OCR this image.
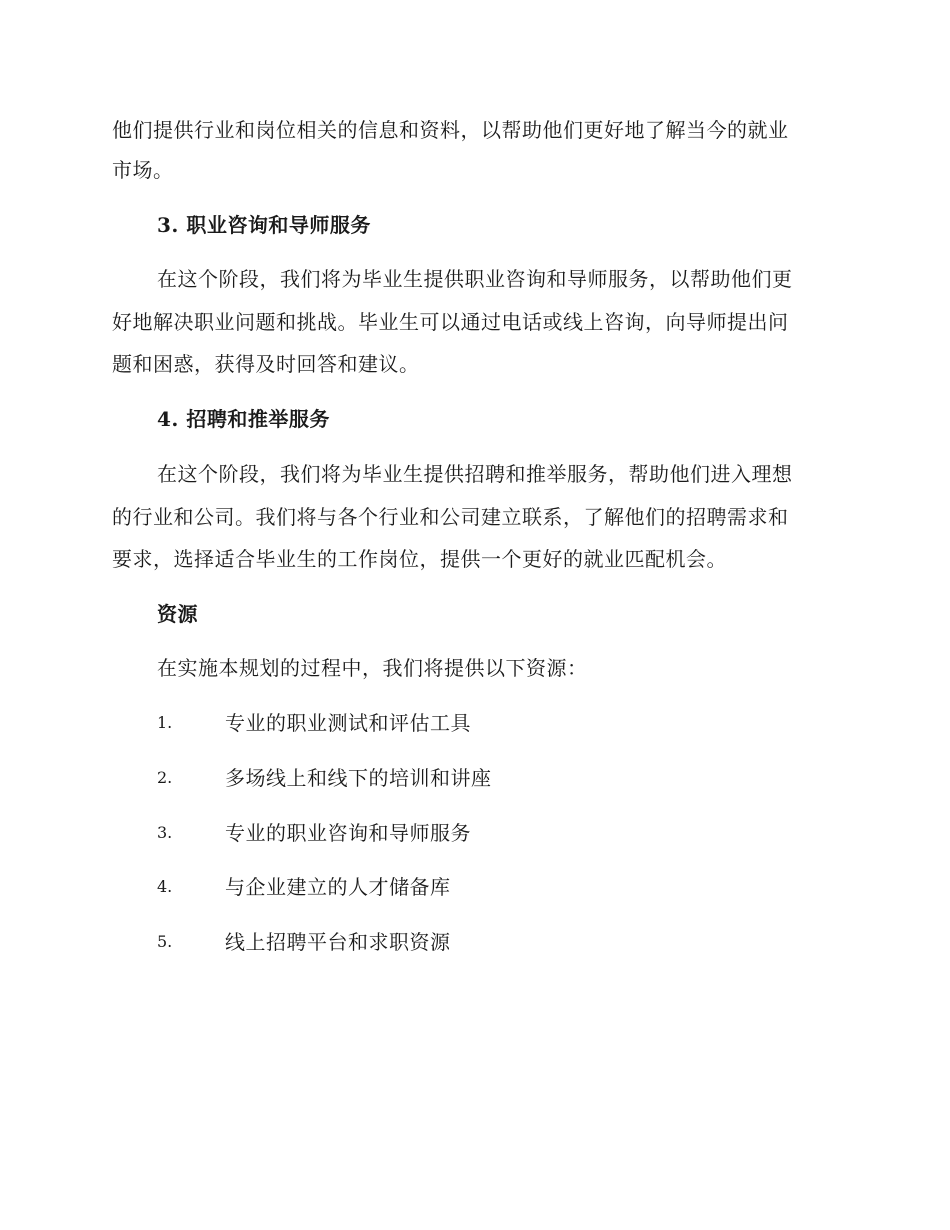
他们提供行业和岗位相关的信息和资料，以帮助他们更好地了解当今的就业
市场。
3. 职业咨询和导师服务
在这个阶段，我们将为毕业生提供职业咨询和导师服务，以帮助他们更
好地解决职业问题和挑战。毕业生可以通过电话或线上咨询，向导师提出问
题和困惑，获得及时回答和建议。
4. 招聘和推举服务
在这个阶段，我们将为毕业生提供招聘和推举服务，帮助他们进入理想
的行业和公司。我们将与各个行业和公司建立联系，了解他们的招聘需求和
要求，选择适合毕业生的工作岗位，提供一个更好的就业匹配机会。
资源
在实施本规划的过程中，我们将提供以下资源：
1.	专业的职业测试和评估工具
2.	多场线上和线下的培训和讲座
3.	专业的职业咨询和导师服务
4.	与企业建立的人才储备库
5.	线上招聘平台和求职资源
